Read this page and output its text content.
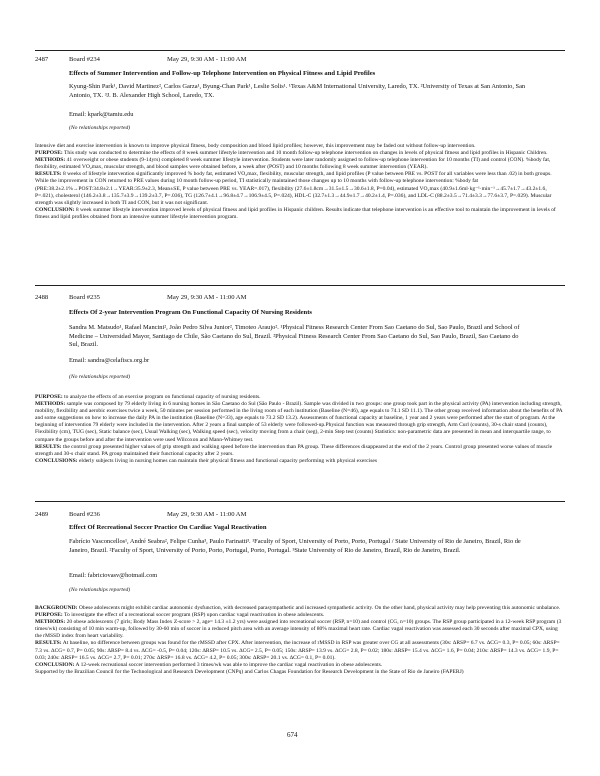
2487	Board #234	May 29, 9:30 AM - 11:00 AM
Effects of Summer Intervention and Follow-up Telephone Intervention on Physical Fitness and Lipid Profiles
Kyung-Shin Park¹, David Martinez², Carlos Garza¹, Byung-Chan Park¹, Leslie Solis¹. ¹Texas A&M International University, Laredo, TX. ²University of Texas at San Antonio, San Antonio, TX. ³J. B. Alexander High School, Laredo, TX.
Email: kpark@tamiu.edu
(No relationships reported)
Intensive diet and exercise intervention is known to improve physical fitness, body composition and blood lipid profiles; however, this improvement may be faded out without follow-up intervention.
PURPOSE: This study was conducted to determine the effects of 8 week summer lifestyle intervention and 10 month follow-up telephone intervention on changes in levels of physical fitness and lipid profiles in Hispanic Children.
METHODS: 41 overweight or obese students (9-14yrs) completed 8 week summer lifestyle intervention. Students were later randomly assigned to follow-up telephone intervention for 10 months (TI) and control (CON). %body fat, flexibility, estimated VO₂max, muscular strength, and blood samples were obtained before, a week after (POST) and 10 months following 8 week summer intervention (YEAR).
RESULTS: 8 weeks of lifestyle intervention significantly improved % body fat, estimated VO₂max, flexibility, muscular strength, and lipid profiles (P value between PRE vs. POST for all variables were less than .02) in both groups. While the improvement in CON returned to PRE values during 10 month follow-up period, TI statistically maintained those changes up to 10 months with follow-up telephone intervention: %body fat (PRE:38.2±2.1%→POST:34.8±2.1→YEAR:35.9±2.3, Mean±SE, P value between PRE vs. YEAR=.017), flexibility (27.6±1.8cm→31.5±1.5→30.6±1.8, P=0.04), estimated VO₂max (40.9±1.6ml·kg⁻¹·min⁻¹→45.7±1.7→43.2±1.6, P=.021), cholesterol (146.2±3.8→135.7±3.9→139.2±3.7, P=.036), TG (126.7±4.1→96.8±4.7→106.9±4.5, P=.024), HDL-C (32.7±1.3→44.9±1.7→40.2±1.4, P=.036), and LDL-C (88.2±3.5→71.4±3.3→77.6±3.7, P=.029). Muscular strength was slightly increased in both TI and CON, but it was not significant.
CONCLUSION: 8 week summer lifestyle intervention improved levels of physical fitness and lipid profiles in Hispanic children. Results indicate that telephone intervention is an effective tool to maintain the improvement in levels of fitness and lipid profiles obtained from an intensive summer lifestyle intervention program.
2488	Board #235	May 29, 9:30 AM - 11:00 AM
Effects Of 2-year Intervention Program On Functional Capacity Of Nursing Residents
Sandra M. Matsudo¹, Rafael Mancini², João Pedro Silva Junior², Timoteo Araujo². ¹Physical Fitness Research Center From Sao Caetano do Sul, Sao Paulo, Brazil and School of Medicine – Universidad Mayor, Santiago de Chile, São Caetano do Sul, Brazil. ²Physical Fitness Research Center From Sao Caetano do Sul, Sao Paulo, Brazil, Sao Caetano do Sul, Brazil.
Email: sandra@celafiscs.org.br
(No relationships reported)
PURPOSE: to analyze the effects of an exercise program on functional capacity of nursing residents.
METHODS: sample was composed by 79 elderly living in 6 nursing homes in São Caetano do Sul (São Paulo - Brazil). Sample was divided in two groups: one group took part in the physical activity (PA) intervention including strength, mobility, flexibility and aerobic exercises twice a week, 50 minutes per session performed in the living room of each institution (Baseline (N=46), age equals to 74.1 SD 11.1). The other group received information about the benefits of PA and some suggestions on how to increase the daily PA in the institution (Baseline (N=33), age equals to 73.2 SD 13.2). Assessments of functional capacity at baseline, 1 year and 2 years were performed after the start of program. At the beginning of intervention 79 elderly were included in the intervention. After 2 years a final sample of 53 elderly were followed-up.Physical function was measured through grip strength, Arm Curl (counts), 30-s chair stand (counts), Flexibility (cm), TUG (sec), Static balance (sec), Usual Walking (sec), Walking speed (sec), velocity moving from a chair (seg), 2-min Step test (counts) Statistics: non-parametric data are presented in mean and interquartile range, to compare the groups before and after the intervention were used Wilcoxon and Mann-Whitney test.
RESULTS: the control group presented higher values of grip strength and walking speed before the intervention than PA group. These differences disappeared at the end of the 2 years. Control group presented worse values of muscle strength and 30-s chair stand. PA group maintained their functional capacity after 2 years.
CONCLUSIONS: elderly subjects living in nursing homes can maintain their physical fitness and functional capacity performing with physical exercises
2489	Board #236	May 29, 9:30 AM - 11:00 AM
Effect Of Recreational Soccer Practice On Cardiac Vagal Reactivation
Fabrício Vasconcellos¹, André Seabra², Felipe Cunha³, Paulo Farinatti³. ¹Faculty of Sport, University of Porto, Porto, Portugal / State University of Rio de Janeiro, Brazil, Rio de Janeiro, Brazil. ²Faculty of Sport, University of Porto, Porto, Portugal, Porto, Portugal. ³State University of Rio de Janeiro, Brazil, Rio de Janeiro, Brazil.
Email: fabriciovasv@hotmail.com
(No relationships reported)
BACKGROUND: Obese adolescents might exhibit cardiac autonomic dysfunction, with decreased parasympathetic and increased sympathetic activity. On the other hand, physical activity may help preventing this autonomic unbalance.
PURPOSE: To investigate the effect of a recreational soccer program (RSP) upon cardiac vagal reactivation in obese adolescents.
METHODS: 20 obese adolescents (7 girls; Body Mass Index Z-score > 2, age= 14.3 ±1.2 yrs) were assigned into recreational soccer (RSP, n=10) and control (CG, n=10) groups. The RSP group participated in a 12-week RSP program (3 times/wk) consisting of 10 min warm-up, followed by 30-60 min of soccer in a reduced pitch area with an average intensity of 80% maximal heart rate. Cardiac vagal reactivation was assessed each 30 seconds after maximal CPX, using the rMSSD index from heart variability.
RESULTS: At baseline, no difference between groups was found for the rMSSD after CPX. After intervention, the increase of rMSSD in RSP was greater over CG at all assessments (30s: ΔRSP= 6.7 vs. ΔCG= 0.3, P= 0.05; 60s: ΔRSP= 7.3 vs. ΔCG= 0.7, P= 0.05; 90s: ΔRSP= 8.4 vs. ΔCG= -0.5, P= 0.04; 120s: ΔRSP= 10.5 vs. ΔCG= 2.5, P= 0.05; 150s: ΔRSP= 13.9 vs. ΔCG= 2.8, P= 0.02; 180s: ΔRSP= 15.4 vs. ΔCG= 1.6, P= 0.04; 210s: ΔRSP= 14.3 vs. ΔCG= 1.9, P= 0.03; 240s: ΔRSP= 16.5 vs. ΔCG= 2.7, P= 0.01; 270s: ΔRSP= 16.8 vs. ΔCG= 4.2, P= 0.05; 300s: ΔRSP= 20.1 vs. ΔCG= 0.1, P= 0.01).
CONCLUSION: A 12-week recreational soccer intervention performed 3 times/wk was able to improve the cardiac vagal reactivation in obese adolescents.
Supported by the Brazilian Council for the Technological and Research Development (CNPq) and Carlos Chagas Foundation for Research Development in the State of Rio de Janeiro (FAPERJ)
674
